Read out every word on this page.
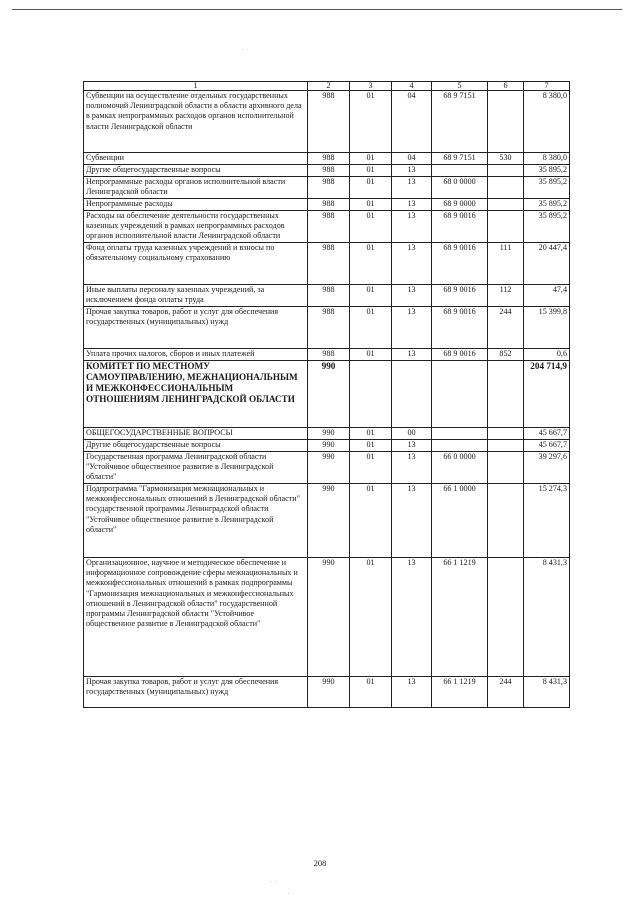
. .
. .
. .
1	2	3	4	5	6	7
Субвенции на осуществление отдельных государственных полномочий Ленинградской области в области архивного дела в рамках непрограммных расходов органов исполнительной власти Ленинградской области	988	01	04	68 9 7151		8 380,0
Субвенции	988	01	04	68 9 7151	530	8 380,0
Другие общегосударственные вопросы	988	01	13			35 895,2
Непрограммные расходы органов исполнительной власти Ленинградской области	988	01	13	68 0 0000		35 895,2
Непрограммные расходы	988	01	13	68 9 0000		35 895,2
Расходы на обеспечение деятельности государственных казенных учреждений в рамках непрограммных расходов органов исполнительной власти Ленинградской области	988	01	13	68 9 0016		35 895,2
Фонд оплаты труда казенных учреждений и взносы по обязательному социальному страхованию	988	01	13	68 9 0016	111	20 447,4
Иные выплаты персоналу казенных учреждений, за исключением фонда оплаты труда	988	01	13	68 9 0016	112	47,4
Прочая закупка товаров, работ и услуг для обеспечения государственных (муниципальных) нужд	988	01	13	68 9 0016	244	15 399,8
Уплата прочих налогов, сборов и иных платежей	988	01	13	68 9 0016	852	0,6
КОМИТЕТ ПО МЕСТНОМУ САМОУПРАВЛЕНИЮ, МЕЖНАЦИОНАЛЬНЫМ И МЕЖКОНФЕССИОНАЛЬНЫМ ОТНОШЕНИЯМ ЛЕНИНГРАДСКОЙ ОБЛАСТИ	990					204 714,9
ОБЩЕГОСУДАРСТВЕННЫЕ ВОПРОСЫ	990	01	00			45 667,7
Другие общегосударственные вопросы	990	01	13			45 667,7
Государственная программа Ленинградской области "Устойчивое общественное развитие в Ленинградской области"	990	01	13	66 0 0000		39 297,6
Подпрограмма "Гармонизация межнациональных и межконфессиональных отношений в Ленинградской области" государственной программы Ленинградской области "Устойчивое общественное развитие в Ленинградской области"	990	01	13	66 1 0000		15 274,3
Организационное, научное и методическое обеспечение и информационное сопровождение сферы межнациональных и межконфессиональных отношений в рамках подпрограммы "Гармонизация межнациональных и межконфессиональных отношений в Ленинградской области" государственной программы Ленинградской области "Устойчивое общественное развитие в Ленинградской области"	990	01	13	66 1 1219		8 431,3
Прочая закупка товаров, работ и услуг для обеспечения государственных (муниципальных) нужд	990	01	13	66 1 1219	244	8 431,3
208
